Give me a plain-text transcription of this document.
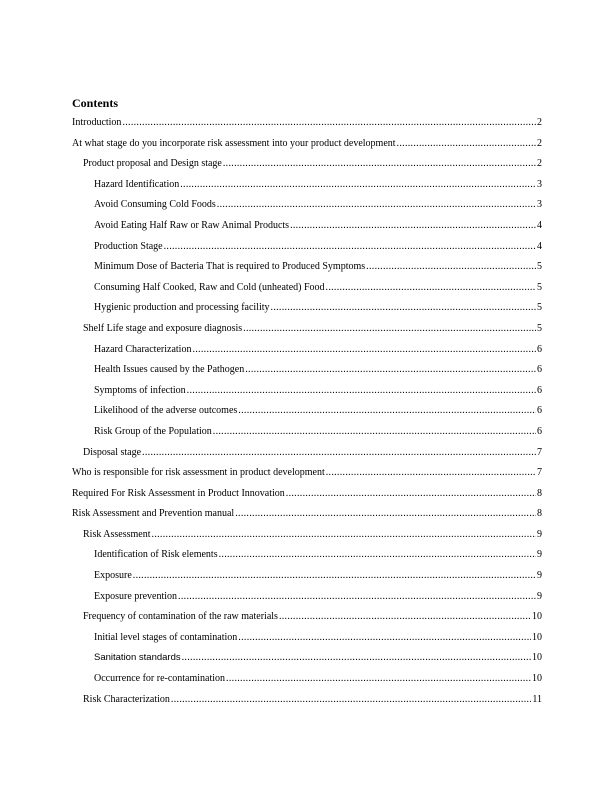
Contents
Introduction .....	2
At what stage do you incorporate risk assessment into your product development .....	2
Product proposal and Design stage .....	2
Hazard Identification .....	3
Avoid Consuming Cold Foods .....	3
Avoid Eating Half Raw or Raw Animal Products .....	4
Production Stage .....	4
Minimum Dose of Bacteria That is required to Produced Symptoms .....	5
Consuming Half Cooked, Raw and Cold (unheated) Food .....	5
Hygienic production and processing facility .....	5
Shelf Life stage and exposure diagnosis .....	5
Hazard Characterization .....	6
Health Issues caused by the Pathogen .....	6
Symptoms of infection .....	6
Likelihood of the adverse outcomes .....	6
Risk Group of the Population .....	6
Disposal stage .....	7
Who is responsible for risk assessment in product development .....	7
Required For Risk Assessment in Product Innovation .....	8
Risk Assessment and Prevention manual .....	8
Risk Assessment .....	9
Identification of Risk elements .....	9
Exposure .....	9
Exposure prevention .....	9
Frequency of contamination of the raw materials .....	10
Initial level stages of contamination .....	10
Sanitation standards .....	10
Occurrence for re-contamination .....	10
Risk Characterization .....	11
